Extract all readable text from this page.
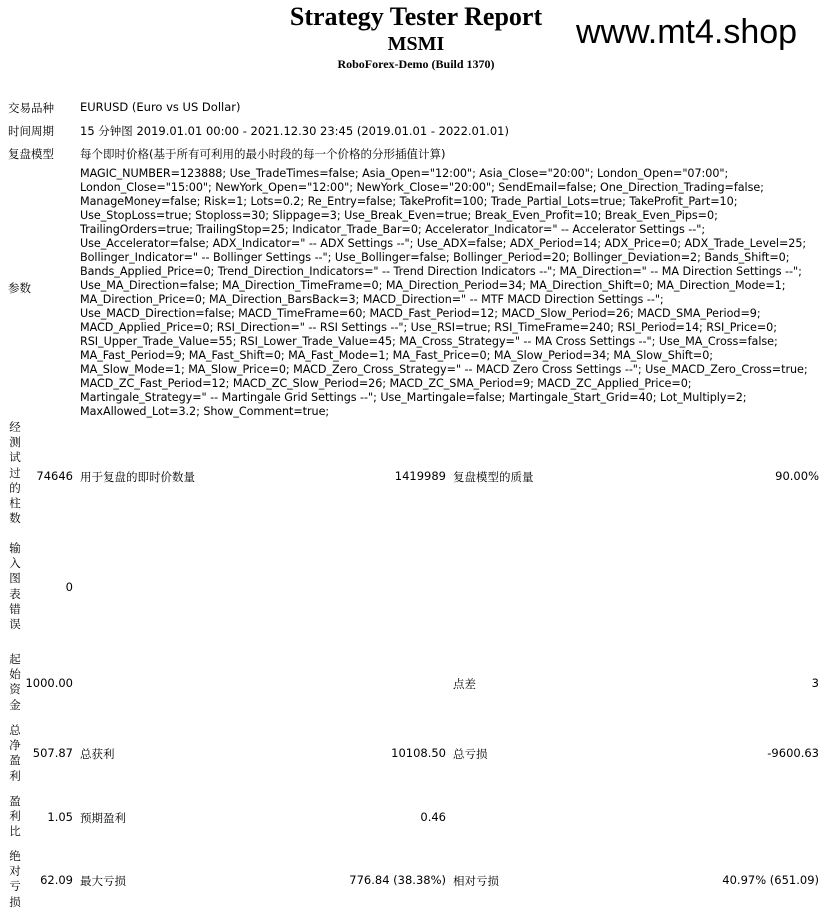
Strategy Tester Report
MSMI
RoboForex-Demo (Build 1370)
www.mt4.shop
交易品种 EURUSD (Euro vs US Dollar)
时间周期 15 分钟图 2019.01.01 00:00 - 2021.12.30 23:45 (2019.01.01 - 2022.01.01)
复盘模型 每个即时价格(基于所有可利用的最小时段的每一个价格的分形插值计算)
参数
MAGIC_NUMBER=123888; Use_TradeTimes=false; Asia_Open="12:00"; Asia_Close="20:00"; London_Open="07:00"; London_Close="15:00"; NewYork_Open="12:00"; NewYork_Close="20:00"; SendEmail=false; One_Direction_Trading=false; ManageMoney=false; Risk=1; Lots=0.2; Re_Entry=false; TakeProfit=100; Trade_Partial_Lots=true; TakeProfit_Part=10; Use_StopLoss=true; Stoploss=30; Slippage=3; Use_Break_Even=true; Break_Even_Profit=10; Break_Even_Pips=0; TrailingOrders=true; TrailingStop=25; Indicator_Trade_Bar=0; Accelerator_Indicator=" -- Accelerator Settings --"; Use_Accelerator=false; ADX_Indicator=" -- ADX Settings --"; Use_ADX=false; ADX_Period=14; ADX_Price=0; ADX_Trade_Level=25; Bollinger_Indicator=" -- Bollinger Settings --"; Use_Bollinger=false; Bollinger_Period=20; Bollinger_Deviation=2; Bands_Shift=0; Bands_Applied_Price=0; Trend_Direction_Indicators=" -- Trend Direction Indicators --"; MA_Direction=" -- MA Direction Settings --"; Use_MA_Direction=false; MA_Direction_TimeFrame=0; MA_Direction_Period=34; MA_Direction_Shift=0; MA_Direction_Mode=1; MA_Direction_Price=0; MA_Direction_BarsBack=3; MACD_Direction=" -- MTF MACD Direction Settings --"; Use_MACD_Direction=false; MACD_TimeFrame=60; MACD_Fast_Period=12; MACD_Slow_Period=26; MACD_SMA_Period=9; MACD_Applied_Price=0; RSI_Direction=" -- RSI Settings --"; Use_RSI=true; RSI_TimeFrame=240; RSI_Period=14; RSI_Price=0; RSI_Upper_Trade_Value=55; RSI_Lower_Trade_Value=45; MA_Cross_Strategy=" -- MA Cross Settings --"; Use_MA_Cross=false; MA_Fast_Period=9; MA_Fast_Shift=0; MA_Fast_Mode=1; MA_Fast_Price=0; MA_Slow_Period=34; MA_Slow_Shift=0; MA_Slow_Mode=1; MA_Slow_Price=0; MACD_Zero_Cross_Strategy=" -- MACD Zero Cross Settings --"; Use_MACD_Zero_Cross=true; MACD_ZC_Fast_Period=12; MACD_ZC_Slow_Period=26; MACD_ZC_SMA_Period=9; MACD_ZC_Applied_Price=0; Martingale_Strategy=" -- Martingale Grid Settings --"; Use_Martingale=false; Martingale_Start_Grid=40; Lot_Multiply=2; MaxAllowed_Lot=3.2; Show_Comment=true;
经测试过的柱数
74646 用于复盘的即时价数量	1419989 复盘模型的质量	90.00%
输入图表错误
0
起始资金
1000.00	点差	3
总净盈利
507.87 总获利	10108.50 总亏损	-9600.63
盈利比
1.05 预期盈利	0.46
绝对亏损
62.09 最大亏损	776.84 (38.38%) 相对亏损	40.97% (651.09)
